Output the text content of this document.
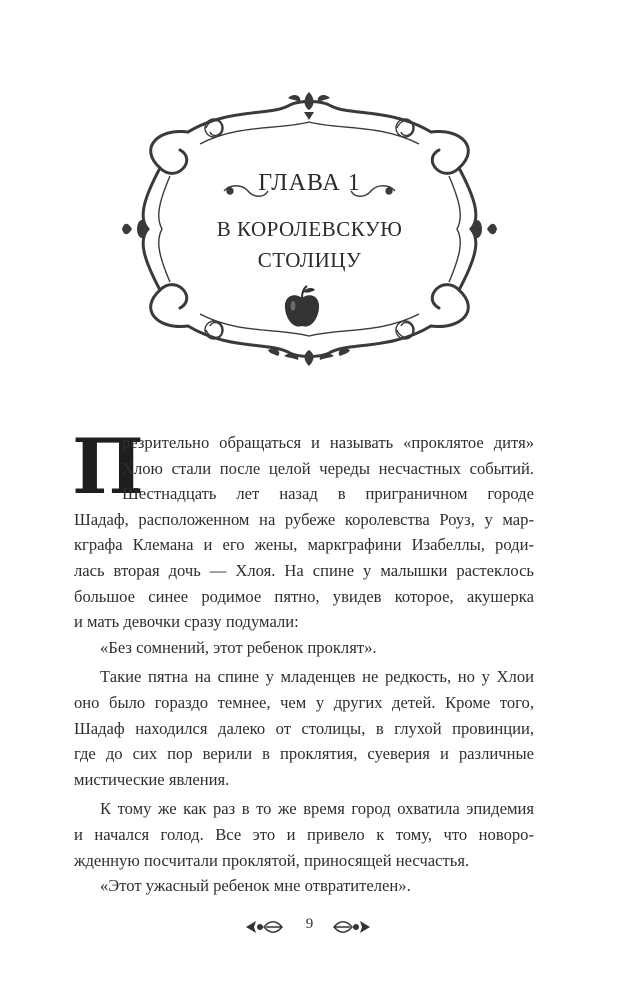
ГЛАВА 1
В КОРОЛЕВСКУЮ
СТОЛИЦУ
П
резрительно обращаться и называть «проклятое дитя»
Хлою стали после целой череды несчастных событий.
Шестнадцать лет назад в приграничном городе
Шадаф, расположенном на рубеже королевства Роуз, у мар-
кграфа Клемана и его жены, маркграфини Изабеллы, роди-
лась вторая дочь — Хлоя. На спине у малышки растеклось
большое синее родимое пятно, увидев которое, акушерка
и мать девочки сразу подумали:
«Без сомнений, этот ребенок проклят».
Такие пятна на спине у младенцев не редкость, но у Хлои
оно было гораздо темнее, чем у других детей. Кроме того,
Шадаф находился далеко от столицы, в глухой провинции,
где до сих пор верили в проклятия, суеверия и различные
мистические явления.
К тому же как раз в то же время город охватила эпидемия
и начался голод. Все это и привело к тому, что новоро-
жденную посчитали проклятой, приносящей несчастья.
«Этот ужасный ребенок мне отвратителен».
9
